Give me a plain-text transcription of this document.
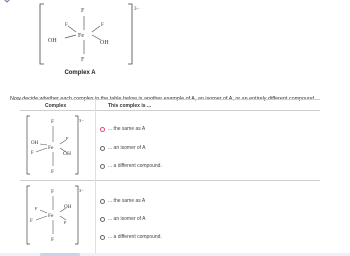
F
F
F	F
OH	OH
Fe
3−
Complex A
Now decide whether each complex in the table below is another example of A, an isomer of A, or an entirely different compound.
Complex	This complex is ...
F
F
OH
F
F
OH
Fe
3−
... the same as A
... an isomer of A
... a different compound.
F
F
F
F
OH
F
Fe
3−
... the same as A
... an isomer of A
... a different compound.
